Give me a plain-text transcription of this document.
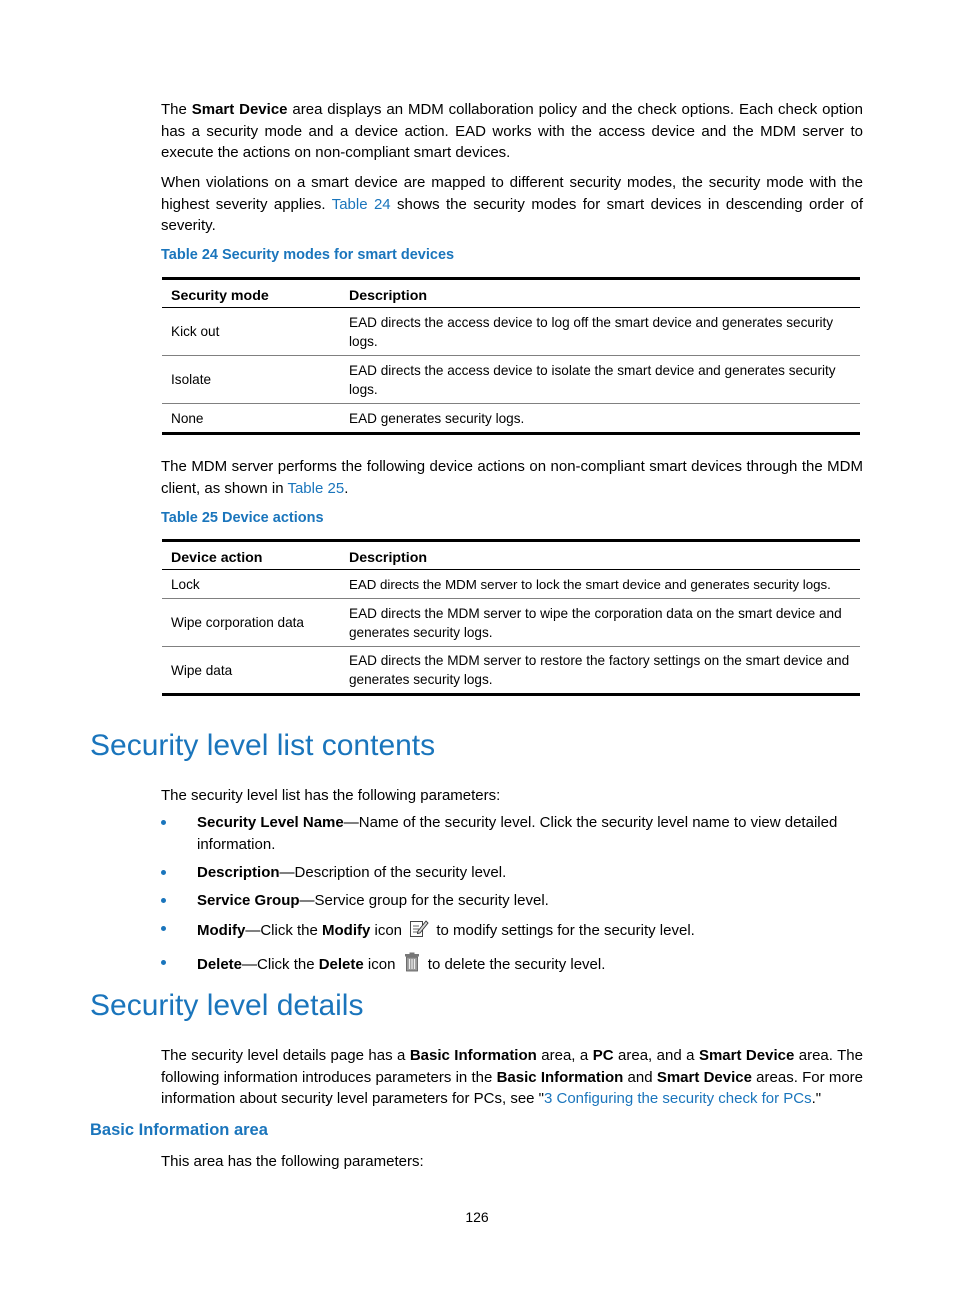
The Smart Device area displays an MDM collaboration policy and the check options. Each check option has a security mode and a device action. EAD works with the access device and the MDM server to execute the actions on non-compliant smart devices.

When violations on a smart device are mapped to different security modes, the security mode with the highest severity applies. Table 24 shows the security modes for smart devices in descending order of severity.

Table 24 Security modes for smart devices

Security mode	Description
Kick out	EAD directs the access device to log off the smart device and generates security logs.
Isolate	EAD directs the access device to isolate the smart device and generates security logs.
None	EAD generates security logs.

The MDM server performs the following device actions on non-compliant smart devices through the MDM client, as shown in Table 25.

Table 25 Device actions

Device action	Description
Lock	EAD directs the MDM server to lock the smart device and generates security logs.
Wipe corporation data	EAD directs the MDM server to wipe the corporation data on the smart device and generates security logs.
Wipe data	EAD directs the MDM server to restore the factory settings on the smart device and generates security logs.
Security level list contents

The security level list has the following parameters:

Security Level Name—Name of the security level. Click the security level name to view detailed information.
Description—Description of the security level.
Service Group—Service group for the security level.
Modify—Click the Modify icon  to modify settings for the security level.
Delete—Click the Delete icon  to delete the security level.
Security level details

The security level details page has a Basic Information area, a PC area, and a Smart Device area. The following information introduces parameters in the Basic Information and Smart Device areas. For more information about security level parameters for PCs, see "3 Configuring the security check for PCs."

Basic Information area

This area has the following parameters:

126
